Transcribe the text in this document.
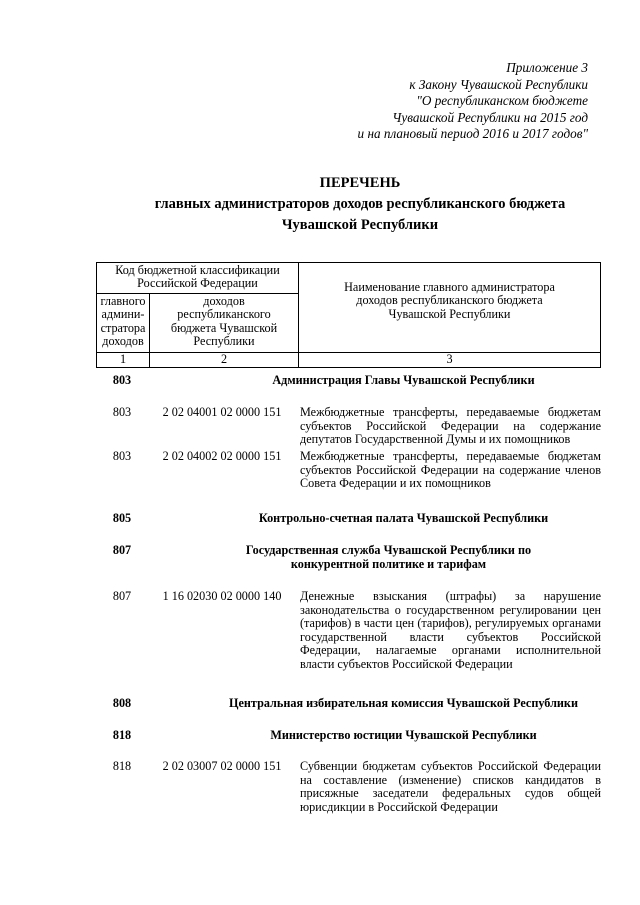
Приложение 3
к Закону Чувашской Республики
"О республиканском бюджете
Чувашской Республики на 2015 год
и на плановый период 2016 и 2017 годов"
ПЕРЕЧЕНЬ
главных администраторов доходов республиканского бюджета
Чувашской Республики
Код бюджетной классификации Российской Федерации	Наименование главного администратора доходов республиканского бюджета Чувашской Республики
главного админи-стратора доходов
доходов республиканского бюджета Чувашской Республики
1	2	3
803	Администрация Главы Чувашской Республики
803	2 02 04001 02 0000 151	Межбюджетные трансферты, передаваемые бюджетам субъектов Российской Федерации на содержание депутатов Государственной Думы и их помощников
803	2 02 04002 02 0000 151	Межбюджетные трансферты, передаваемые бюджетам субъектов Российской Федерации на содержание членов Совета Федерации и их помощников
805	Контрольно-счетная палата Чувашской Республики
807	Государственная служба Чувашской Республики по конкурентной политике и тарифам
807	1 16 02030 02 0000 140	Денежные взыскания (штрафы) за нарушение законодательства о государственном регулировании цен (тарифов) в части цен (тарифов), регулируемых органами государственной власти субъектов Российской Федерации, налагаемые органами исполнительной власти субъектов Российской Федерации
808	Центральная избирательная комиссия Чувашской Республики
818	Министерство юстиции Чувашской Республики
818	2 02 03007 02 0000 151	Субвенции бюджетам субъектов Российской Федерации на составление (изменение) списков кандидатов в присяжные заседатели федеральных судов общей юрисдикции в Российской Федерации
